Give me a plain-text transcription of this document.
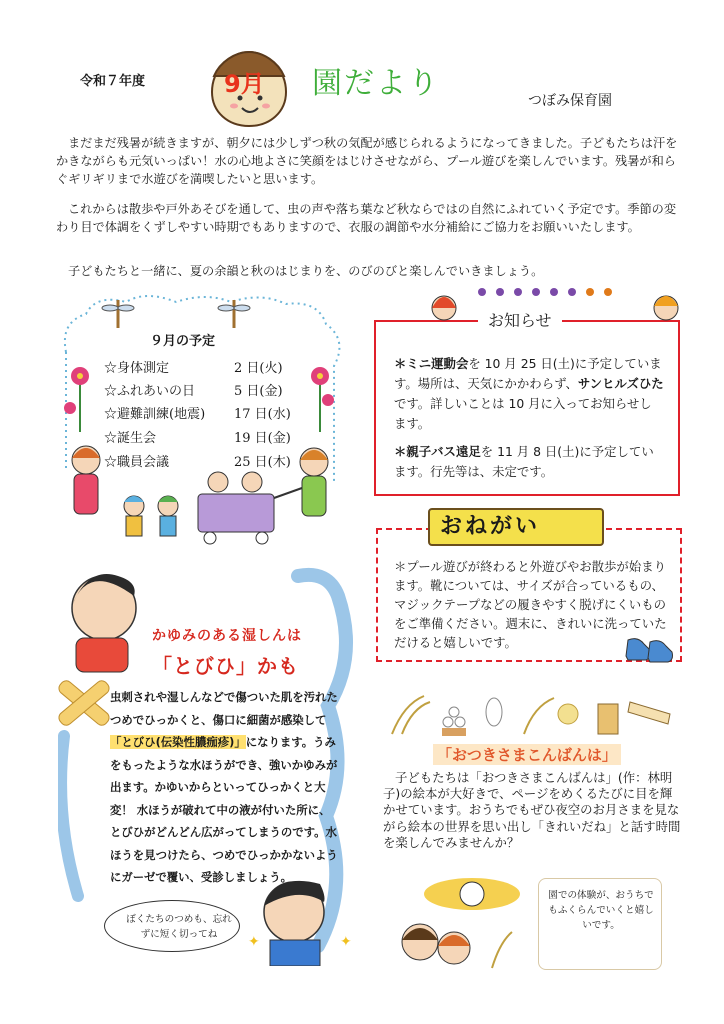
令和７年度	9月 園だより	つぼみ保育園

まだまだ残暑が続きますが、朝夕には少しずつ秋の気配が感じられるようになってきました。子どもたちは汗をかきながらも元気いっぱい！水の心地よさに笑顔をはじけさせながら、プール遊びを楽しんでいます。残暑が和らぐギリギリまで水遊びを満喫したいと思います。

これからは散歩や戸外あそびを通して、虫の声や落ち葉など秋ならではの自然にふれていく予定です。季節の変わり目で体調をくずしやすい時期でもありますので、衣服の調節や水分補給にご協力をお願いいたします。

子どもたちと一緒に、夏の余韻と秋のはじまりを、のびのびと楽しんでいきましょう。

９月の予定
☆身体測定	2 日(火)
☆ふれあいの日	5 日(金)
☆避難訓練(地震) 17 日(水)
☆誕生会	19 日(金)
☆職員会議	25 日(木)
お知らせ

＊ミニ運動会を 10 月 25 日(土)に予定しています。場所は、天気にかかわらず、サンヒルズひたです。詳しいことは 10 月に入ってお知らせします。

＊親子バス遠足を 11 月 8 日(土)に予定しています。行先等は、未定です。

おねがい

＊プール遊びが終わると外遊びやお散歩が始まります。靴については、サイズが合っているもの、マジックテープなどの履きやすく脱げにくいものをご準備ください。週末に、きれいに洗っていただけると嬉しいです。

✦	✦
かゆみのある湿しんは
「とびひ」かも

虫刺されや湿しんなどで傷ついた肌を汚れたつめでひっかくと、傷口に細菌が感染して「とびひ(伝染性膿痂疹)」になります。うみをもったような水ほうができ、強いかゆみが出ます。かゆいからといってひっかくと大変！ 水ほうが破れて中の液が付いた所に、とびひがどんどん広がってしまうのです。水ほうを見つけたら、つめでひっかかないようにガーゼで覆い、受診しましょう。

ぼくたちのつめも、忘れずに短く切ってね
「おつきさまこんばんは」

子どもたちは「おつきさまこんばんは」(作：林明子)の絵本が大好きで、ページをめくるたびに目を輝かせています。おうちでもぜひ夜空のお月さまを見ながら絵本の世界を思い出し「きれいだね」と話す時間を楽しんでみませんか？

園での体験が、おうちでもふくらんでいくと嬉しいです。
